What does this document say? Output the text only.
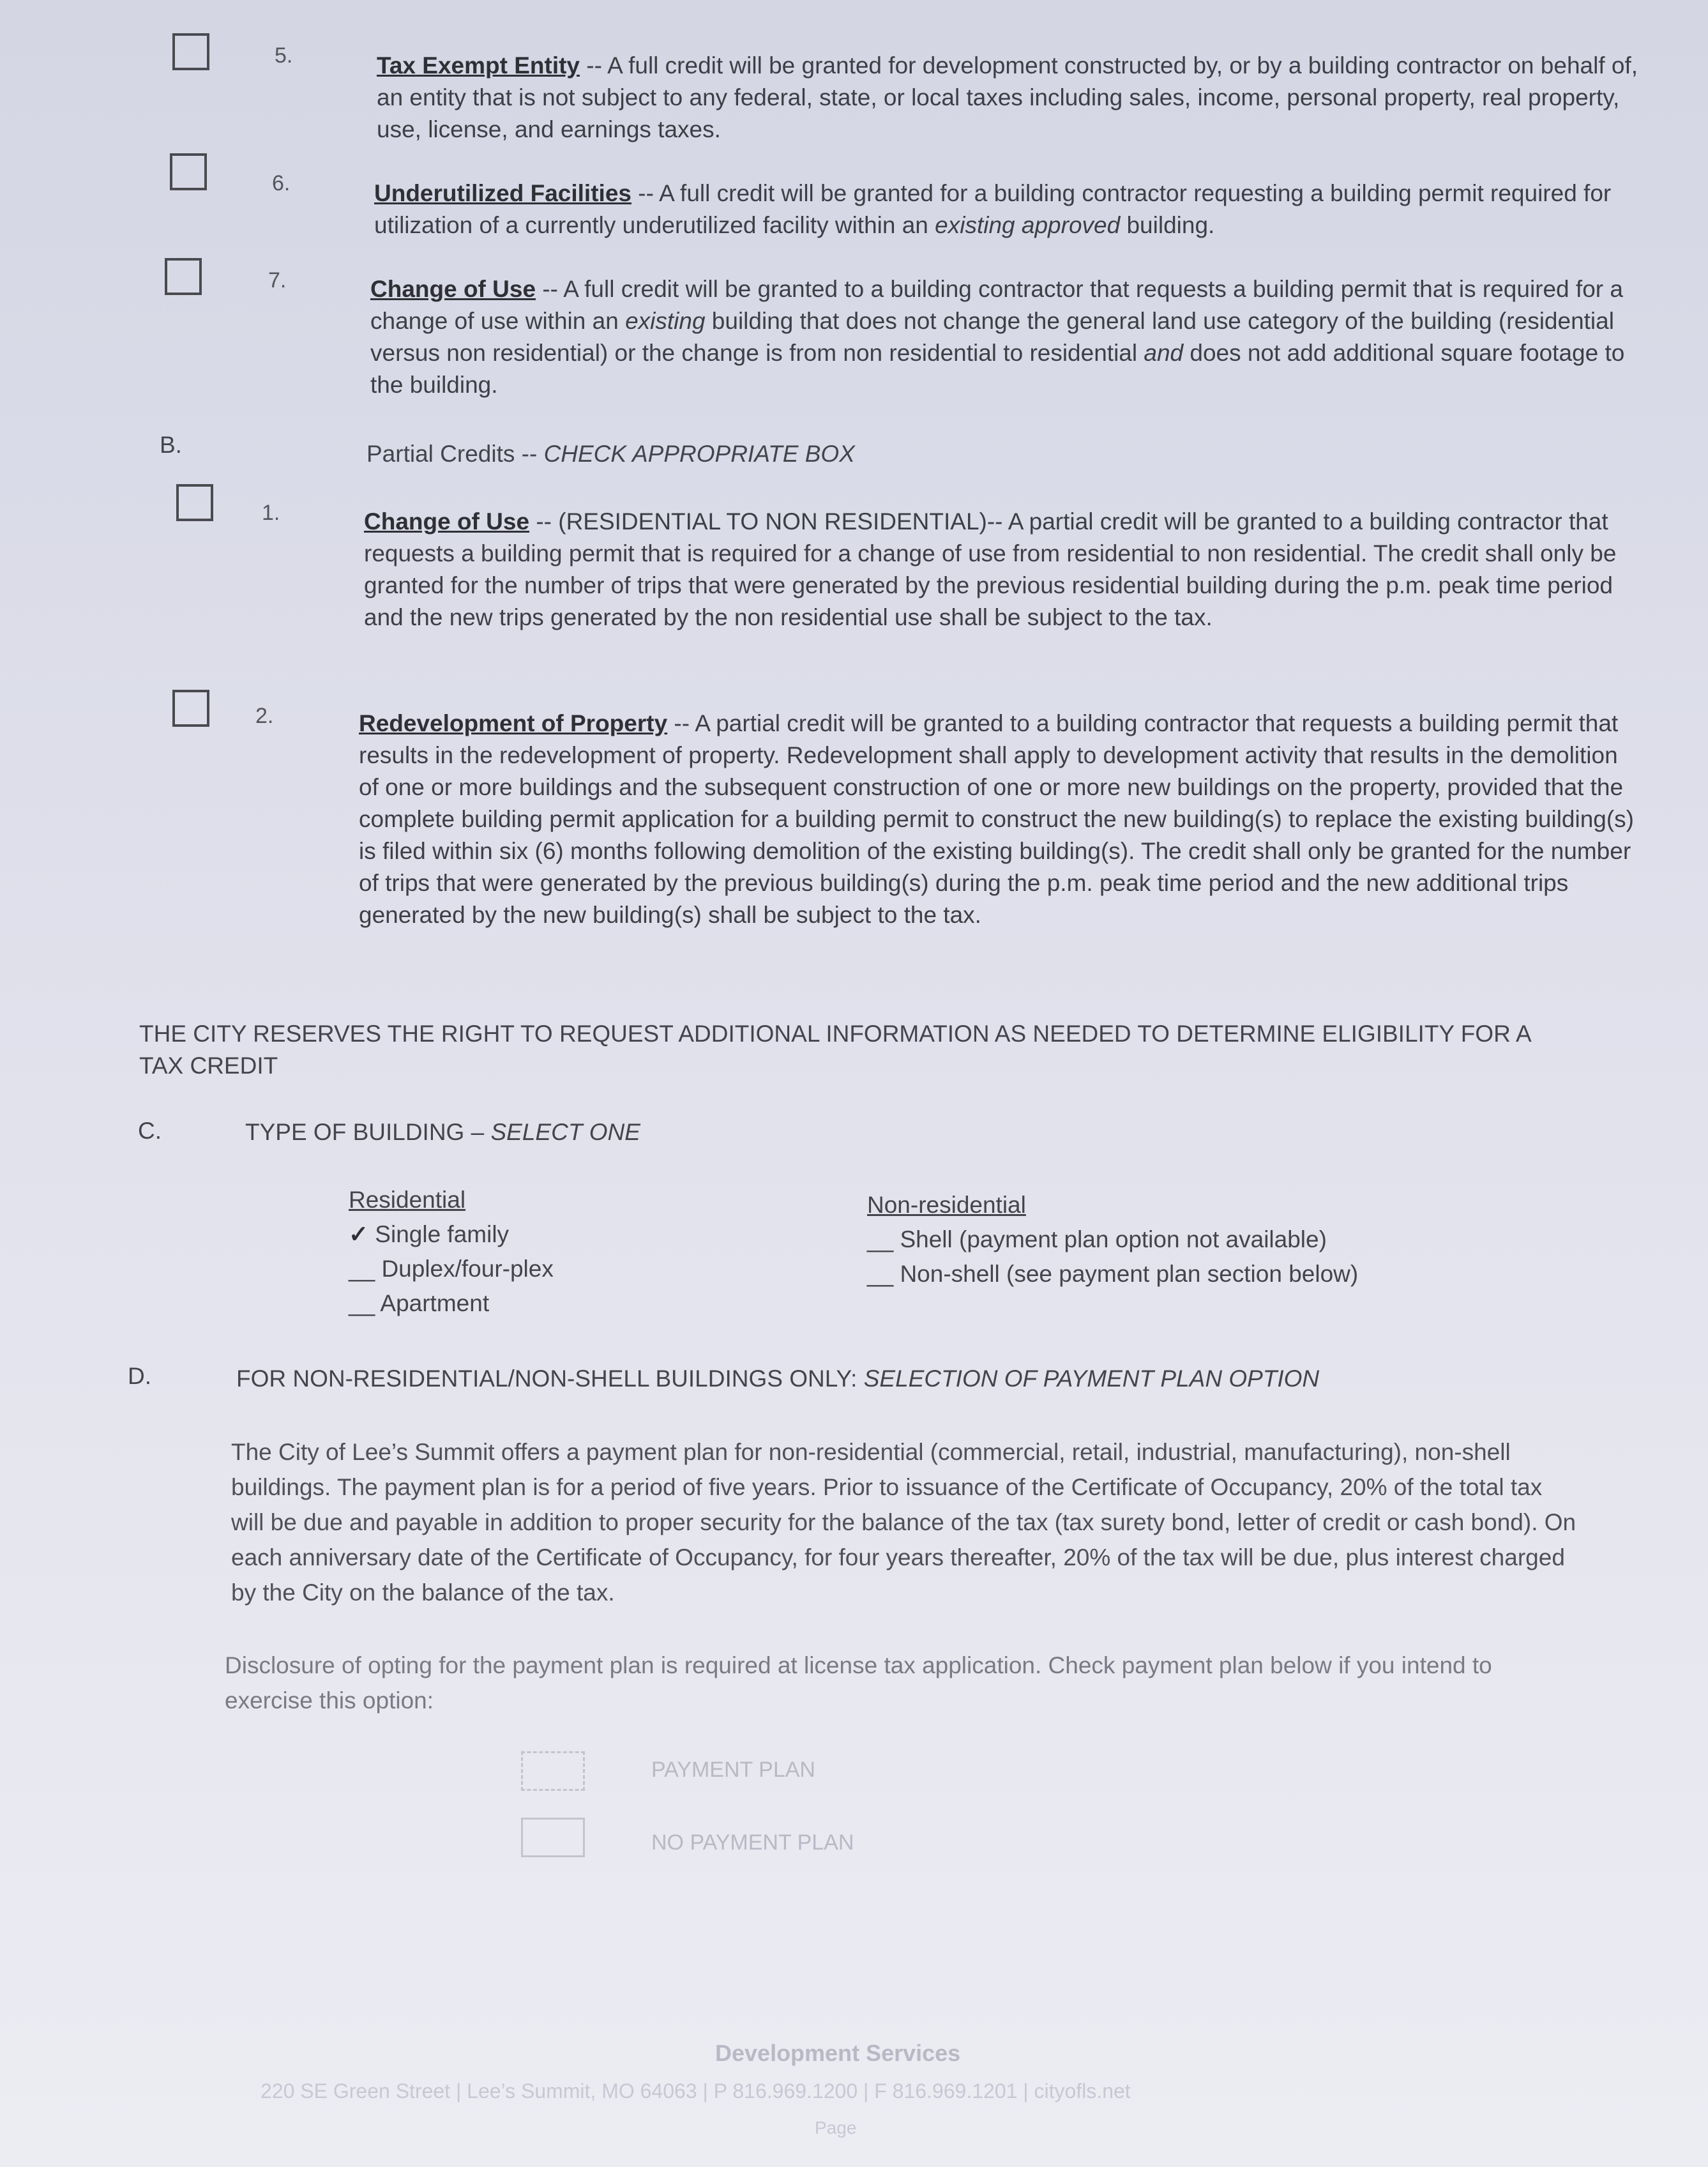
5.	Tax Exempt Entity -- A full credit will be granted for development constructed by, or by a building contractor on behalf of, an entity that is not subject to any federal, state, or local taxes including sales, income, personal property, real property, use, license, and earnings taxes.
6.	Underutilized Facilities -- A full credit will be granted for a building contractor requesting a building permit required for utilization of a currently underutilized facility within an existing approved building.
7.	Change of Use -- A full credit will be granted to a building contractor that requests a building permit that is required for a change of use within an existing building that does not change the general land use category of the building (residential versus non residential) or the change is from non residential to residential and does not add additional square footage to the building.
B.	Partial Credits -- CHECK APPROPRIATE BOX
1.	Change of Use -- (RESIDENTIAL TO NON RESIDENTIAL)-- A partial credit will be granted to a building contractor that requests a building permit that is required for a change of use from residential to non residential. The credit shall only be granted for the number of trips that were generated by the previous residential building during the p.m. peak time period and the new trips generated by the non residential use shall be subject to the tax.
2.	Redevelopment of Property -- A partial credit will be granted to a building contractor that requests a building permit that results in the redevelopment of property. Redevelopment shall apply to development activity that results in the demolition of one or more buildings and the subsequent construction of one or more new buildings on the property, provided that the complete building permit application for a building permit to construct the new building(s) to replace the existing building(s) is filed within six (6) months following demolition of the existing building(s). The credit shall only be granted for the number of trips that were generated by the previous building(s) during the p.m. peak time period and the new additional trips generated by the new building(s) shall be subject to the tax.
THE CITY RESERVES THE RIGHT TO REQUEST ADDITIONAL INFORMATION AS NEEDED TO DETERMINE ELIGIBILITY FOR A TAX CREDIT
C.	TYPE OF BUILDING – SELECT ONE
Residential
✓ Single family
__ Duplex/four-plex
__ Apartment
Non-residential
__ Shell (payment plan option not available)
__ Non-shell (see payment plan section below)
D.	FOR NON-RESIDENTIAL/NON-SHELL BUILDINGS ONLY: SELECTION OF PAYMENT PLAN OPTION
The City of Lee’s Summit offers a payment plan for non-residential (commercial, retail, industrial, manufacturing), non-shell buildings. The payment plan is for a period of five years. Prior to issuance of the Certificate of Occupancy, 20% of the total tax will be due and payable in addition to proper security for the balance of the tax (tax surety bond, letter of credit or cash bond). On each anniversary date of the Certificate of Occupancy, for four years thereafter, 20% of the tax will be due, plus interest charged by the City on the balance of the tax.
Disclosure of opting for the payment plan is required at license tax application. Check payment plan below if you intend to exercise this option:
PAYMENT PLAN
NO PAYMENT PLAN
Development Services
220 SE Green Street | Lee’s Summit, MO 64063 | P 816.969.1200 | F 816.969.1201 | cityofls.net
Page
